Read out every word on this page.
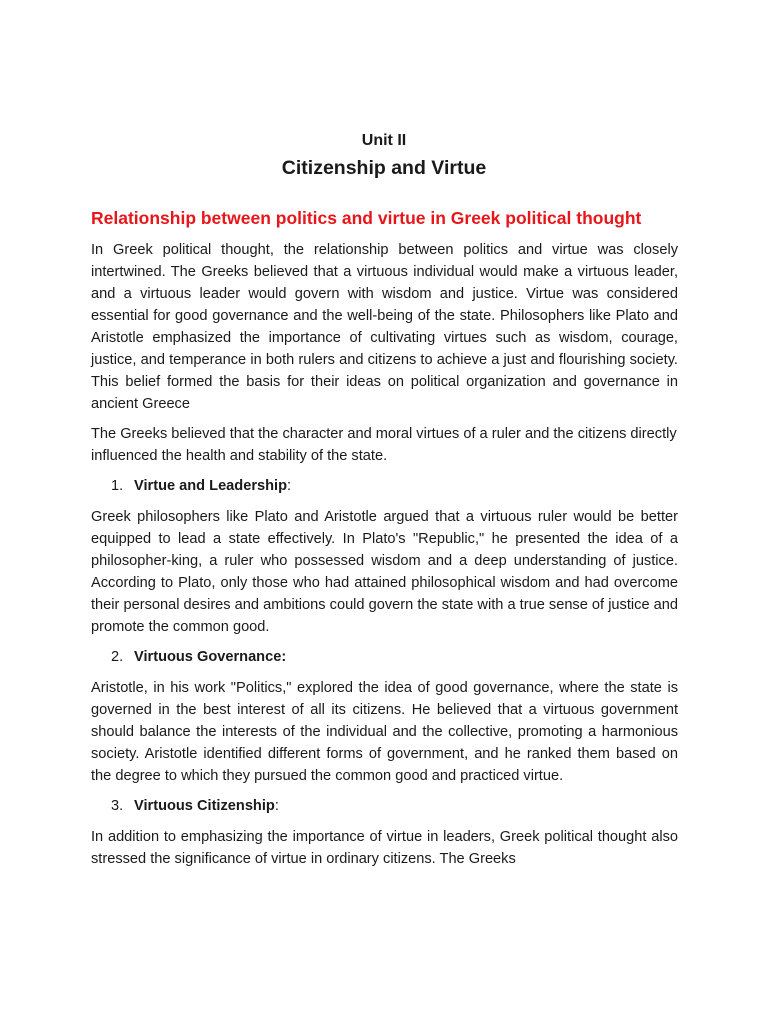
Unit II
Citizenship and Virtue
Relationship between politics and virtue in Greek political thought

In Greek political thought, the relationship between politics and virtue was closely intertwined. The Greeks believed that a virtuous individual would make a virtuous leader, and a virtuous leader would govern with wisdom and justice. Virtue was considered essential for good governance and the well-being of the state. Philosophers like Plato and Aristotle emphasized the importance of cultivating virtues such as wisdom, courage, justice, and temperance in both rulers and citizens to achieve a just and flourishing society. This belief formed the basis for their ideas on political organization and governance in ancient Greece

The Greeks believed that the character and moral virtues of a ruler and the citizens directly influenced the health and stability of the state.

1. Virtue and Leadership:

Greek philosophers like Plato and Aristotle argued that a virtuous ruler would be better equipped to lead a state effectively. In Plato's "Republic," he presented the idea of a philosopher-king, a ruler who possessed wisdom and a deep understanding of justice. According to Plato, only those who had attained philosophical wisdom and had overcome their personal desires and ambitions could govern the state with a true sense of justice and promote the common good.

2. Virtuous Governance:

Aristotle, in his work "Politics," explored the idea of good governance, where the state is governed in the best interest of all its citizens. He believed that a virtuous government should balance the interests of the individual and the collective, promoting a harmonious society. Aristotle identified different forms of government, and he ranked them based on the degree to which they pursued the common good and practiced virtue.

3. Virtuous Citizenship:

In addition to emphasizing the importance of virtue in leaders, Greek political thought also stressed the significance of virtue in ordinary citizens. The Greeks
